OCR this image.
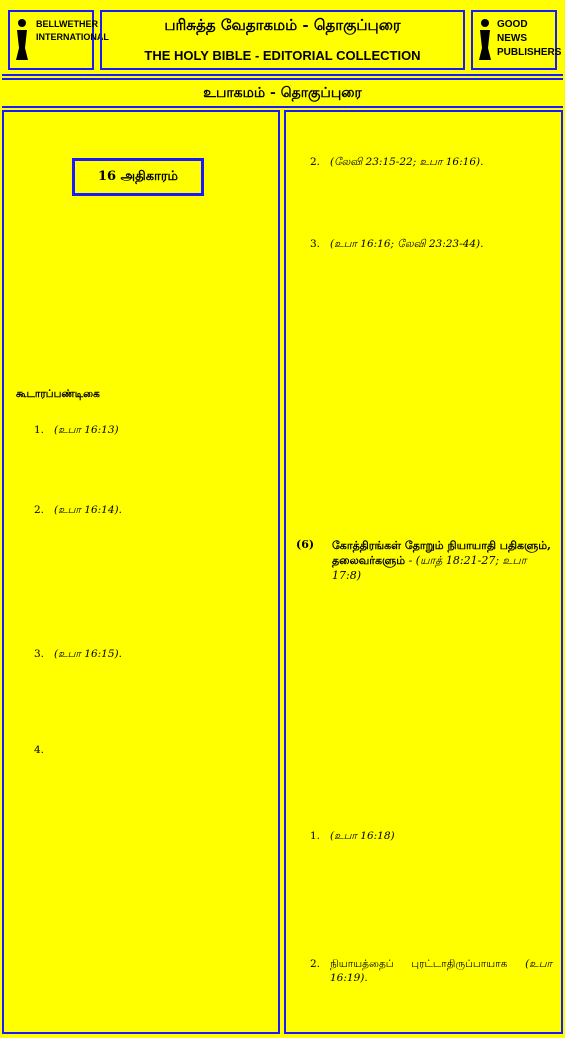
BELLWETHER INTERNATIONAL
பரிசுத்த வேதாகமம் - தொகுப்புரை
THE HOLY BIBLE - EDITORIAL COLLECTION
GOOD NEWS PUBLISHERS
உபாகமம் - தொகுப்புரை
16 அதிகாரம்
கூடாரப்பண்டிகை
1. (உபா 16:13)
2. (உபா 16:14).
3. (உபா 16:15).
4.
2. (லேவி 23:15-22; உபா 16:16).
3. (உபா 16:16; லேவி 23:23-44).
(6) கோத்திரங்கள் தோறும் நியாயாதி பதிகளும், தலைவர்களும் - (யாத் 18:21-27; உபா 17:8)
1. (உபா 16:18)
2. நியாயத்தைப் புரட்டாதிருப்பாயாக (உபா 16:19).
